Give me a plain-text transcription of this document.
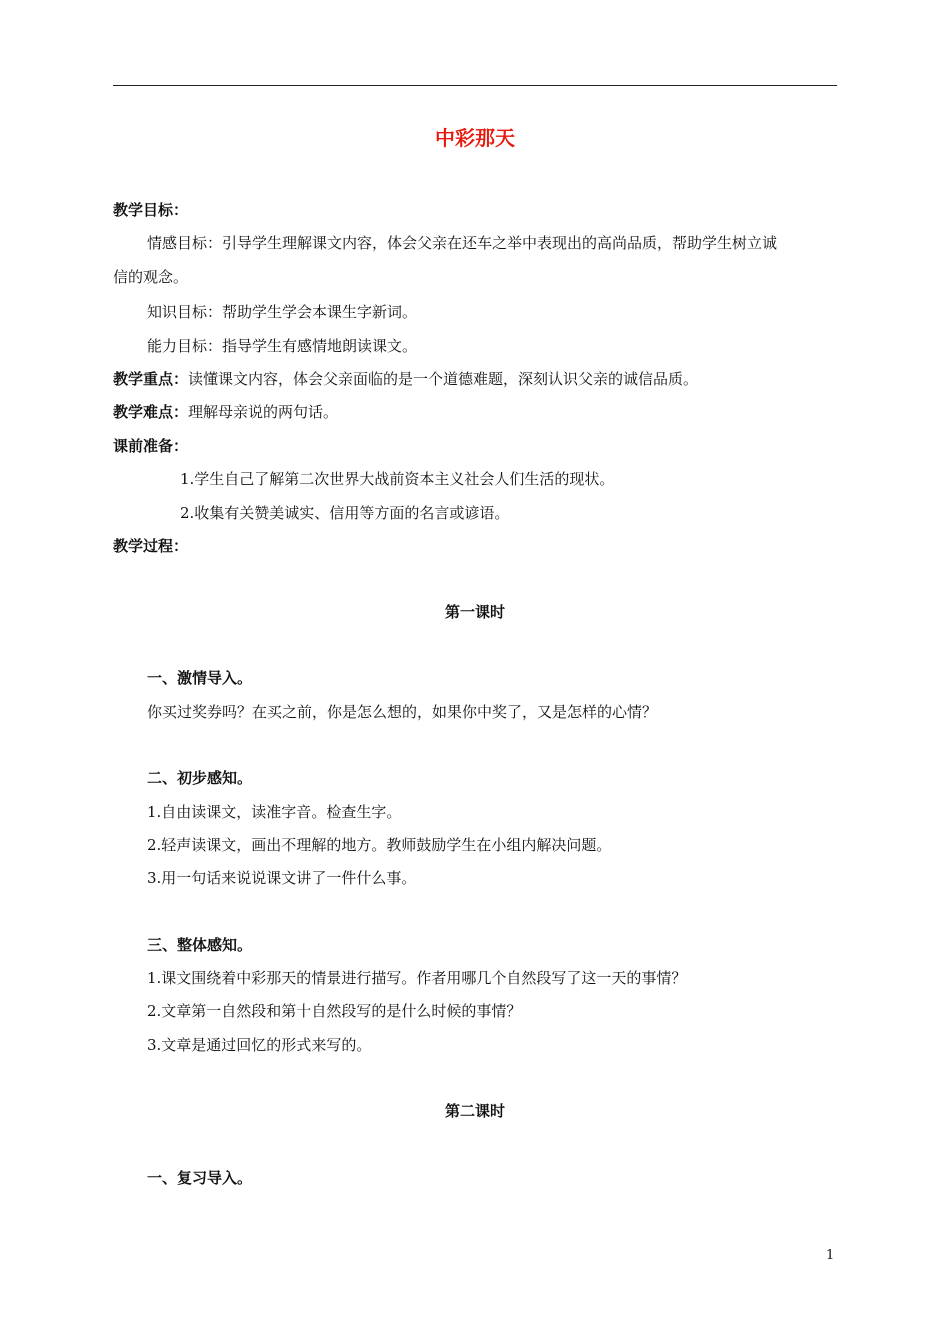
中彩那天
教学目标：
情感目标：引导学生理解课文内容，体会父亲在还车之举中表现出的高尚品质，帮助学生树立诚
信的观念。
知识目标：帮助学生学会本课生字新词。
能力目标：指导学生有感情地朗读课文。
教学重点：读懂课文内容，体会父亲面临的是一个道德难题，深刻认识父亲的诚信品质。
教学难点：理解母亲说的两句话。
课前准备：
1.学生自己了解第二次世界大战前资本主义社会人们生活的现状。
2.收集有关赞美诚实、信用等方面的名言或谚语。
教学过程：
第一课时
一、激情导入。
你买过奖券吗？在买之前，你是怎么想的，如果你中奖了，又是怎样的心情？
二、初步感知。
1.自由读课文，读准字音。检查生字。
2.轻声读课文，画出不理解的地方。教师鼓励学生在小组内解决问题。
3.用一句话来说说课文讲了一件什么事。
三、整体感知。
1.课文围绕着中彩那天的情景进行描写。作者用哪几个自然段写了这一天的事情？
2.文章第一自然段和第十自然段写的是什么时候的事情？
3.文章是通过回忆的形式来写的。
第二课时
一、复习导入。
1
